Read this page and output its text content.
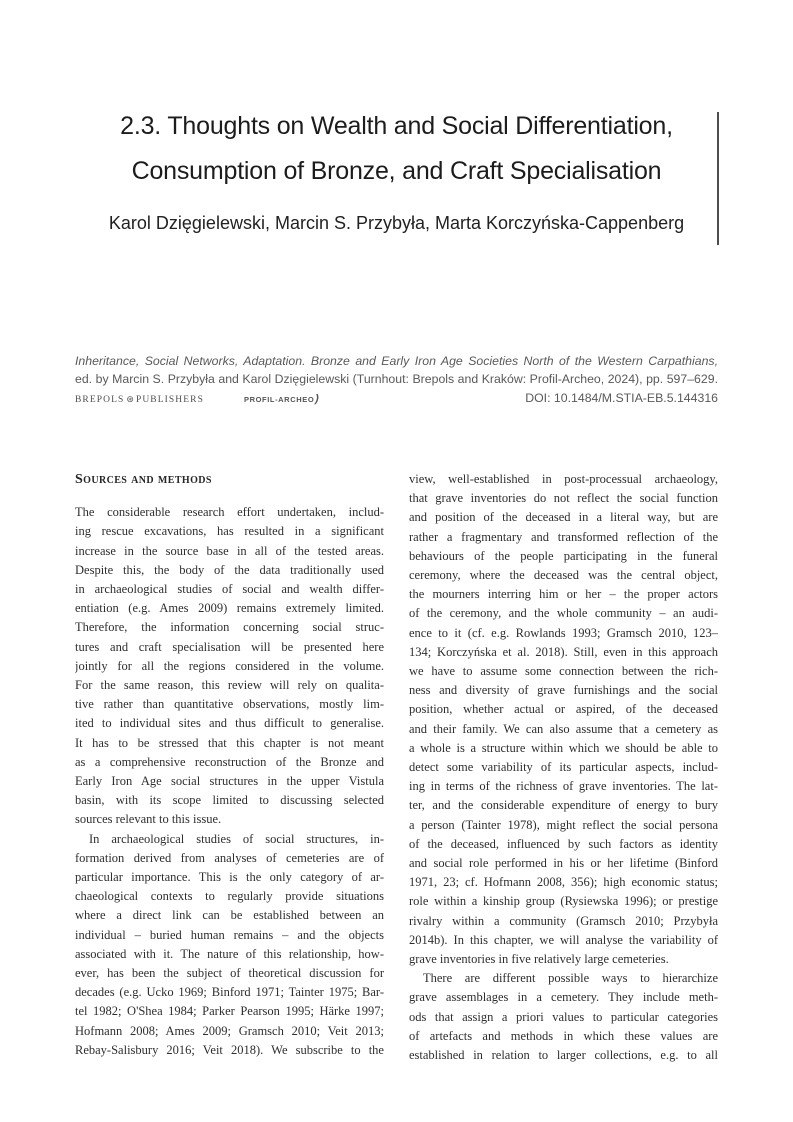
2.3. Thoughts on Wealth and Social Differentiation,
Consumption of Bronze, and Craft Specialisation
Karol Dzięgielewski, Marcin S. Przybyła, Marta Korczyńska-Cappenberg
Inheritance, Social Networks, Adaptation. Bronze and Early Iron Age Societies North of the Western Carpathians,
ed. by Marcin S. Przybyła and Karol Dzięgielewski (Turnhout: Brepols and Kraków: Profil-Archeo, 2024), pp. 597–629.
BREPOLS ⊛ PUBLISHERS	PROFIL-ARCHEO)	DOI: 10.1484/M.STIA-EB.5.144316
Sources and methods

The considerable research effort undertaken, includ-
ing rescue excavations, has resulted in a significant
increase in the source base in all of the tested areas.
Despite this, the body of the data traditionally used
in archaeological studies of social and wealth differ-
entiation (e.g. Ames 2009) remains extremely limited.
Therefore, the information concerning social struc-
tures and craft specialisation will be presented here
jointly for all the regions considered in the volume.
For the same reason, this review will rely on qualita-
tive rather than quantitative observations, mostly lim-
ited to individual sites and thus difficult to generalise.
It has to be stressed that this chapter is not meant
as a comprehensive reconstruction of the Bronze and
Early Iron Age social structures in the upper Vistula
basin, with its scope limited to discussing selected
sources relevant to this issue.

In archaeological studies of social structures, in-
formation derived from analyses of cemeteries are of
particular importance. This is the only category of ar-
chaeological contexts to regularly provide situations
where a direct link can be established between an
individual – buried human remains – and the objects
associated with it. The nature of this relationship, how-
ever, has been the subject of theoretical discussion for
decades (e.g. Ucko 1969; Binford 1971; Tainter 1975; Bar-
tel 1982; O'Shea 1984; Parker Pearson 1995; Härke 1997;
Hofmann 2008; Ames 2009; Gramsch 2010; Veit 2013;
Rebay-Salisbury 2016; Veit 2018). We subscribe to the

view, well-established in post-processual archaeology,
that grave inventories do not reflect the social function
and position of the deceased in a literal way, but are
rather a fragmentary and transformed reflection of the
behaviours of the people participating in the funeral
ceremony, where the deceased was the central object,
the mourners interring him or her – the proper actors
of the ceremony, and the whole community – an audi-
ence to it (cf. e.g. Rowlands 1993; Gramsch 2010, 123–
134; Korczyńska et al. 2018). Still, even in this approach
we have to assume some connection between the rich-
ness and diversity of grave furnishings and the social
position, whether actual or aspired, of the deceased
and their family. We can also assume that a cemetery as
a whole is a structure within which we should be able to
detect some variability of its particular aspects, includ-
ing in terms of the richness of grave inventories. The lat-
ter, and the considerable expenditure of energy to bury
a person (Tainter 1978), might reflect the social persona
of the deceased, influenced by such factors as identity
and social role performed in his or her lifetime (Binford
1971, 23; cf. Hofmann 2008, 356); high economic status;
role within a kinship group (Rysiewska 1996); or prestige
rivalry within a community (Gramsch 2010; Przybyła
2014b). In this chapter, we will analyse the variability of
grave inventories in five relatively large cemeteries.

There are different possible ways to hierarchize
grave assemblages in a cemetery. They include meth-
ods that assign a priori values to particular categories
of artefacts and methods in which these values are
established in relation to larger collections, e.g. to all
